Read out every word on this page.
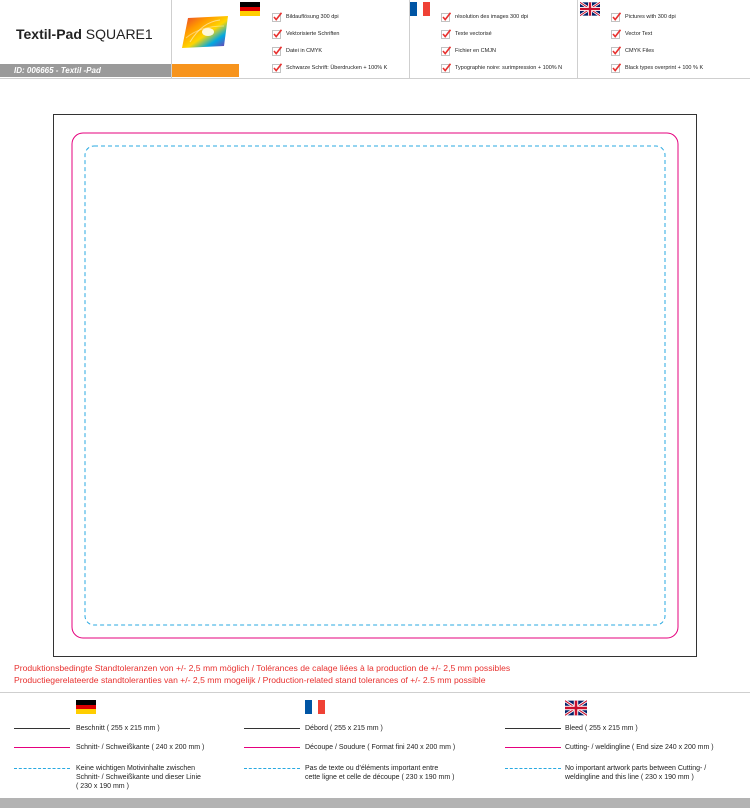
Textil-Pad SQUARE1
ID: 006665 - Textil -Pad
Bildauflösung 300 dpi
Vektorisierte Schriften
Datei in CMYK
Schwarze Schrift: Überdrucken + 100% K
résolution des images 300 dpi
Texte vectorisé
Fichier en CMJN
Typographie noire: surimpression + 100% N
Pictures with 300 dpi
Vector Text
CMYK Files
Black types overprint + 100 % K
Produktionsbedingte Standtoleranzen von +/- 2,5 mm möglich / Tolérances de calage liées à la production de +/- 2,5 mm possibles
Productiegerelateerde standtoleranties van +/- 2,5 mm mogelijk / Production-related stand tolerances of +/- 2.5 mm possible
Beschnitt ( 255 x 215 mm )
Schnitt- / Schweißkante ( 240 x 200 mm )
Keine wichtigen Motivinhalte zwischen
Schnitt- / Schweißkante und dieser Linie
( 230 x 190 mm )
Débord ( 255 x 215 mm )
Découpe / Soudure ( Format fini 240 x 200 mm )
Pas de texte ou d'éléments important entre
cette ligne et celle de découpe ( 230 x 190 mm )
Bleed ( 255 x 215 mm )
Cutting- / weldingline ( End size 240 x 200 mm )
No important artwork parts between Cutting- /
weldingline and this line ( 230 x 190 mm )
